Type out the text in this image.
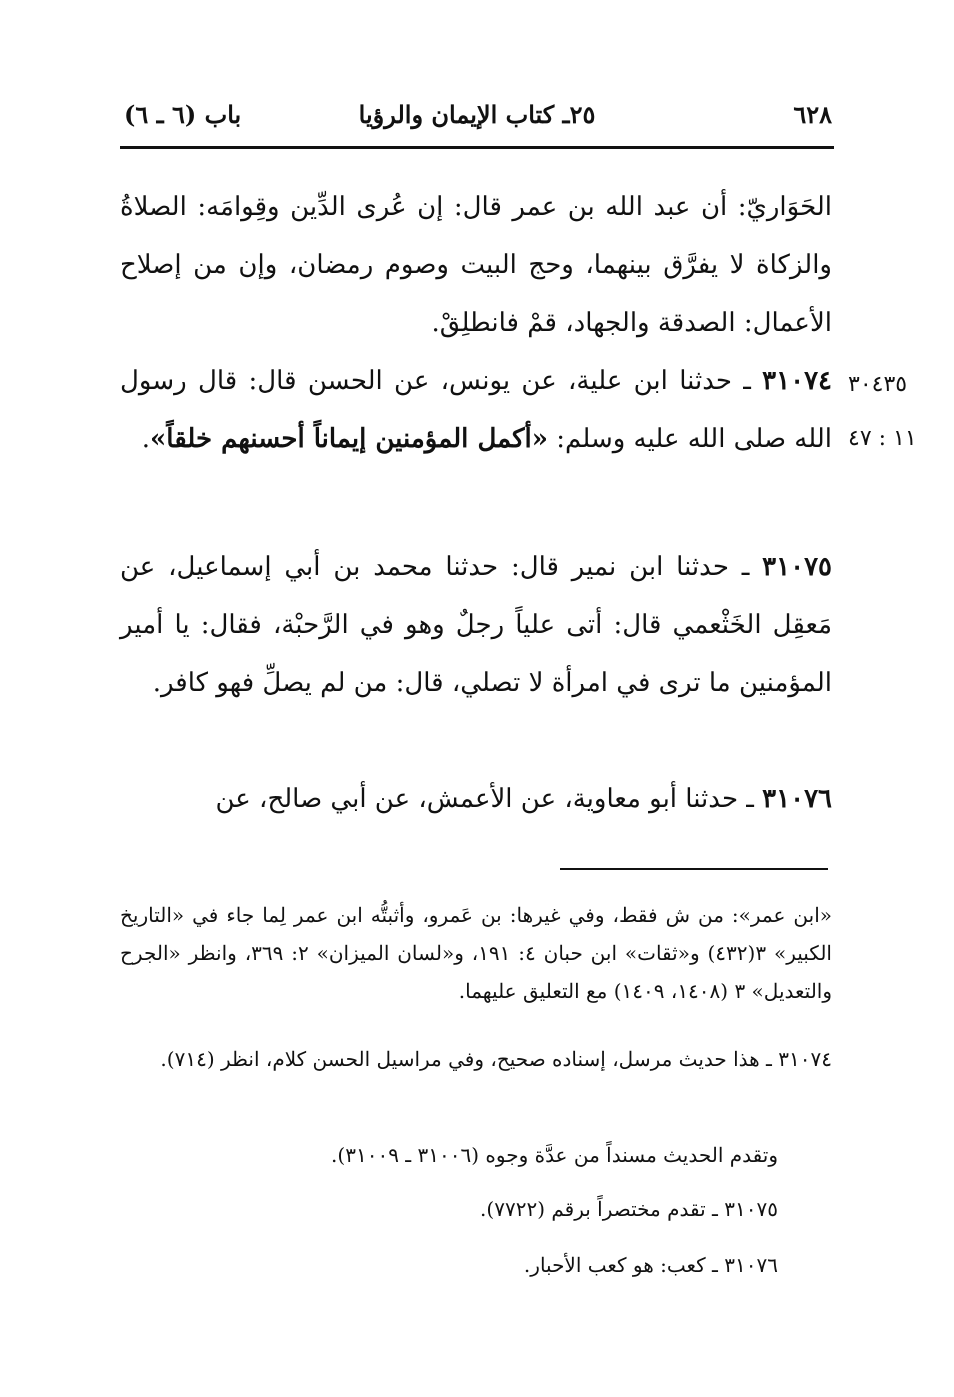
٦٢٨
٢٥ـ كتاب الإيمان والرؤيا
باب (٦ ـ ٦)
الحَوَاريّ: أن عبد الله بن عمر قال: إن عُرى الدِّين وقِوامَه: الصلاةُ والزكاة لا يفرَّق بينهما، وحج البيت وصوم رمضان، وإن من إصلاح الأعمال: الصدقة والجهاد، قمْ فانطلِقْ.
٣٠٤٣٥
١١ : ٤٧
٣١٠٧٤ ـ حدثنا ابن علية، عن يونس، عن الحسن قال: قال رسول الله صلى الله عليه وسلم: «أكمل المؤمنين إيماناً أحسنهم خلقاً».
٣١٠٧٥ ـ حدثنا ابن نمير قال: حدثنا محمد بن أبي إسماعيل، عن مَعقِل الخَثْعمي قال: أتى علياً رجلٌ وهو في الرَّحبْة، فقال: يا أمير المؤمنين ما ترى في امرأة لا تصلي، قال: من لم يصلِّ فهو كافر.
٣١٠٧٦ ـ حدثنا أبو معاوية، عن الأعمش، عن أبي صالح، عن
«ابن عمر»: من ش فقط، وفي غيرها: بن عَمرو، وأثبتُّه ابن عمر لِما جاء في «التاريخ الكبير» ٣(٤٣٢) و«ثقات» ابن حبان ٤: ١٩١، و«لسان الميزان» ٢: ٣٦٩، وانظر «الجرح والتعديل» ٣ (١٤٠٨، ١٤٠٩) مع التعليق عليهما.
٣١٠٧٤ ـ هذا حديث مرسل، إسناده صحيح، وفي مراسيل الحسن كلام، انظر (٧١٤).
وتقدم الحديث مسنداً من عدَّة وجوه (٣١٠٠٦ ـ ٣١٠٠٩).
٣١٠٧٥ ـ تقدم مختصراً برقم (٧٧٢٢).
٣١٠٧٦ ـ كعب: هو كعب الأحبار.
